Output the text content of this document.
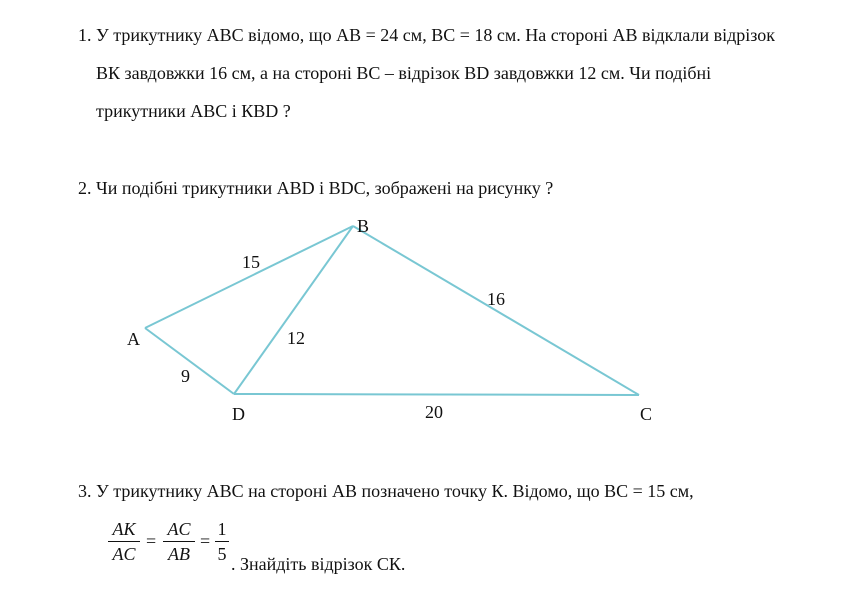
1. У трикутнику АВС відомо, що АВ = 24 см, ВС = 18 см. На стороні АВ відклали відрізок
ВК завдовжки 16 см, а на стороні ВС – відрізок ВD завдовжки 12 см. Чи подібні
трикутники АВС і КВD ?
2. Чи подібні трикутники АВD і ВDС, зображені на рисунку ?
A
B
C
D
15
16
12
9
20
3. У трикутнику АВС на стороні АВ позначено точку К. Відомо, що ВС = 15 см,
AK
AC
=
AC
AB
=
1
5 . Знайдіть відрізок СК.
